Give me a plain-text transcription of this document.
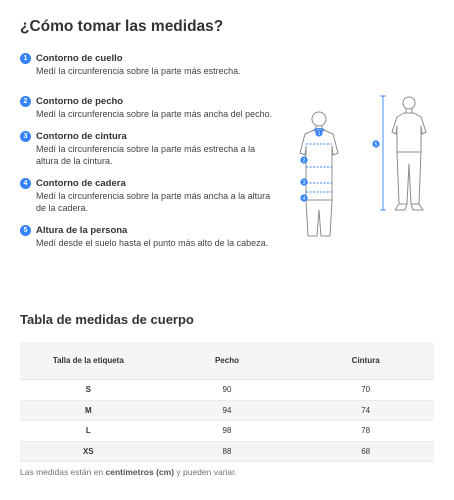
¿Cómo tomar las medidas?
1 Contorno de cuello
Medí la circunferencia sobre la parte más estrecha.
2 Contorno de pecho
Medí la circunferencia sobre la parte más ancha del pecho.
3 Contorno de cintura
Medí la circunferencia sobre la parte más estrecha a la altura de la cintura.
4 Contorno de cadera
Medí la circunferencia sobre la parte más ancha a la altura de la cadera.
5 Altura de la persona
Medí desde el suelo hasta el punto más alto de la cabeza.
1
2
3
4
5
Tabla de medidas de cuerpo
Talla de la etiqueta	Pecho	Cintura
S	90	70
M	94	74
L	98	78
XS	88	68

Las medidas están en centímetros (cm) y pueden variar.
